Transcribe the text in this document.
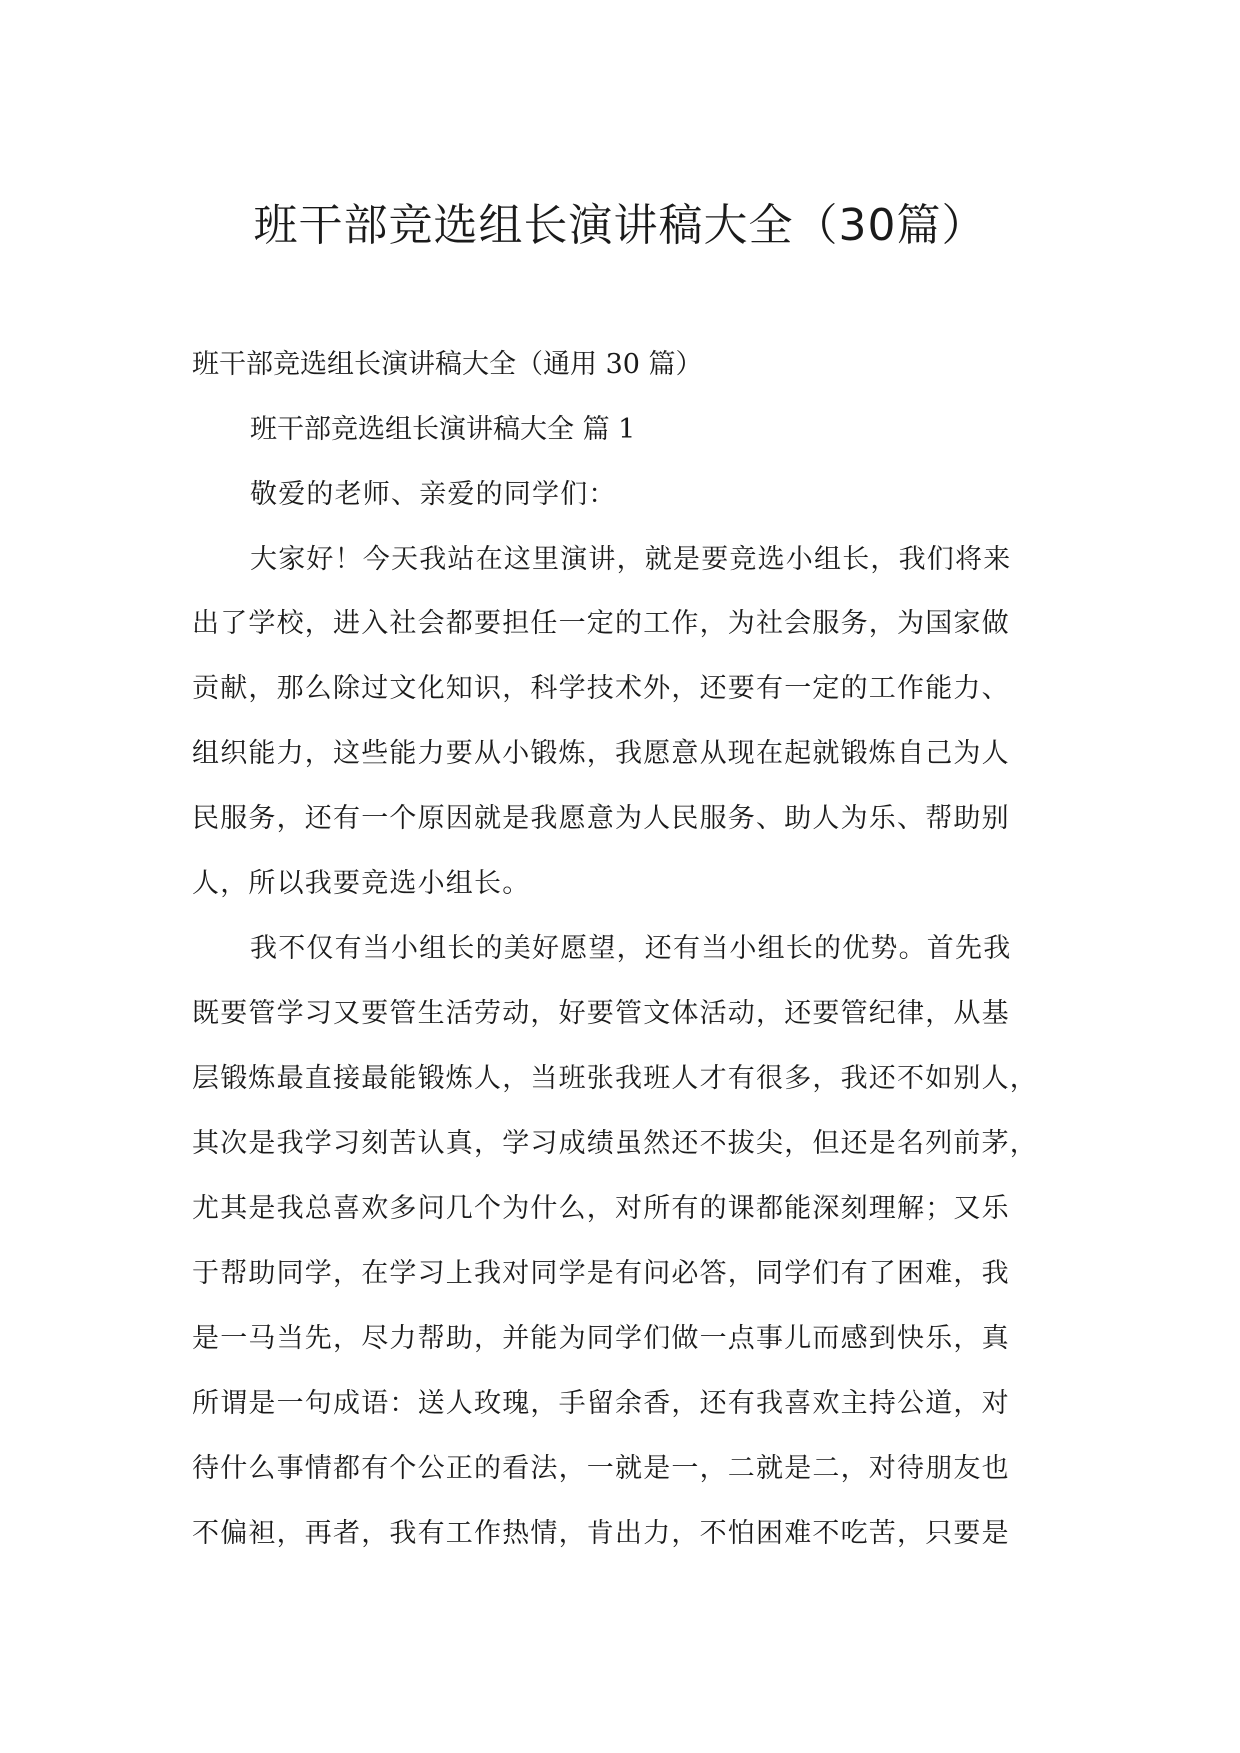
班干部竞选组长演讲稿大全（30篇）

班干部竞选组长演讲稿大全（通用 30 篇）

班干部竞选组长演讲稿大全 篇 1

敬爱的老师、亲爱的同学们：

大家好！今天我站在这里演讲，就是要竞选小组长，我们将来

出了学校，进入社会都要担任一定的工作，为社会服务，为国家做

贡献，那么除过文化知识，科学技术外，还要有一定的工作能力、

组织能力，这些能力要从小锻炼，我愿意从现在起就锻炼自己为人

民服务，还有一个原因就是我愿意为人民服务、助人为乐、帮助别

人，所以我要竞选小组长。

我不仅有当小组长的美好愿望，还有当小组长的优势。首先我

既要管学习又要管生活劳动，好要管文体活动，还要管纪律，从基

层锻炼最直接最能锻炼人，当班张我班人才有很多，我还不如别人，

其次是我学习刻苦认真，学习成绩虽然还不拔尖，但还是名列前茅，

尤其是我总喜欢多问几个为什么，对所有的课都能深刻理解；又乐

于帮助同学，在学习上我对同学是有问必答，同学们有了困难，我

是一马当先，尽力帮助，并能为同学们做一点事儿而感到快乐，真

所谓是一句成语：送人玫瑰，手留余香，还有我喜欢主持公道，对

待什么事情都有个公正的看法，一就是一，二就是二，对待朋友也

不偏袒，再者，我有工作热情，肯出力，不怕困难不吃苦，只要是
